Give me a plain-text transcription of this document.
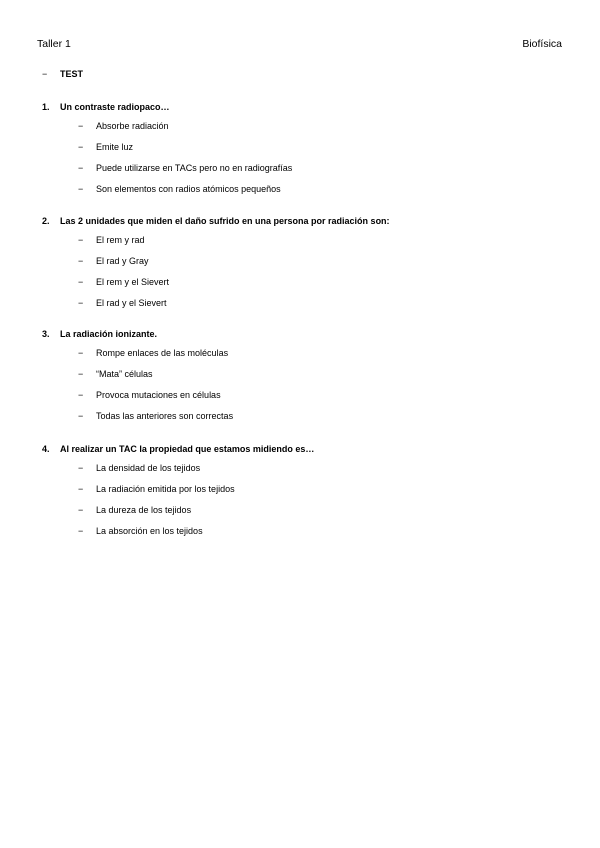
Taller 1	Biofísica
− TEST
1. Un contraste radiopaco…
− Absorbe radiación
− Emite luz
− Puede utilizarse en TACs pero no en radiografías
− Son elementos con radios atómicos pequeños
2. Las 2 unidades que miden el daño sufrido en una persona por radiación son:
− El rem y rad
− El rad y Gray
− El rem y el Sievert
− El rad y el Sievert
3. La radiación ionizante.
− Rompe enlaces de las moléculas
− “Mata” células
− Provoca mutaciones en células
− Todas las anteriores son correctas
4. Al realizar un TAC la propiedad que estamos midiendo es…
− La densidad de los tejidos
− La radiación emitida por los tejidos
− La dureza de los tejidos
− La absorción en los tejidos
